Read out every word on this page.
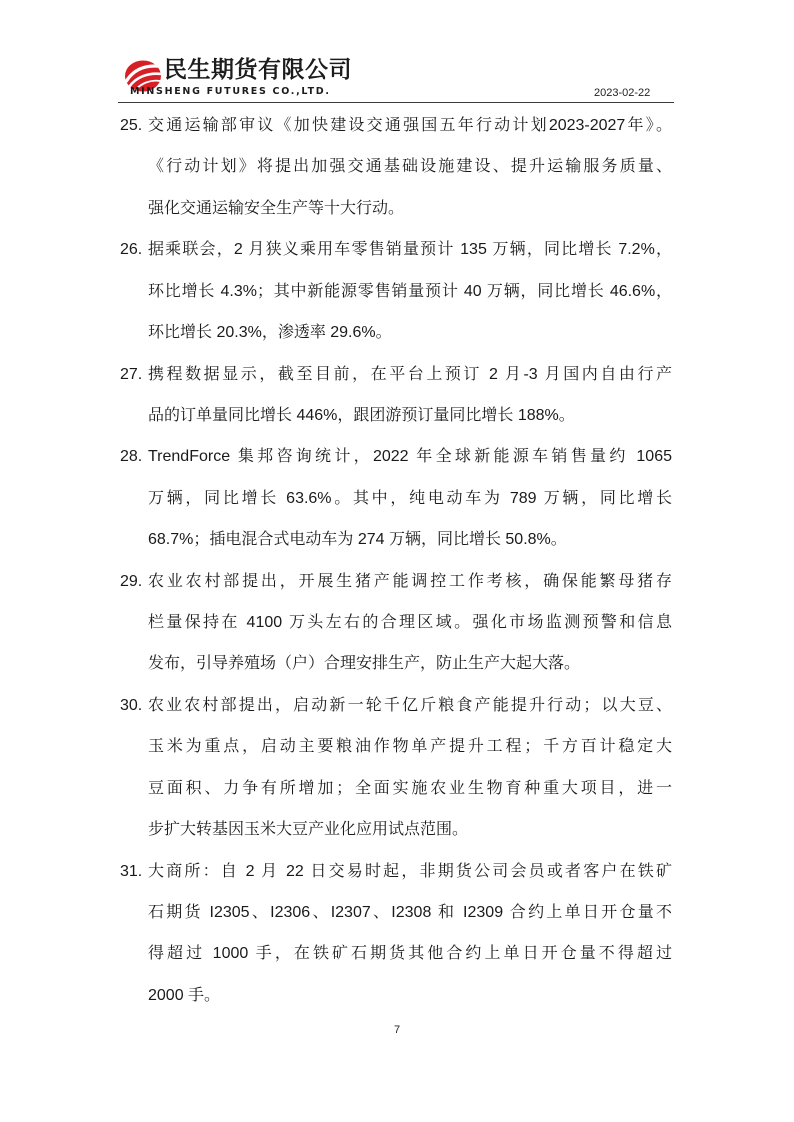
民生期货有限公司
MINSHENG FUTURES CO.,LTD.	2023-02-22
25. 交通运输部审议《加快建设交通强国五年行动计划2023-2027年》。
《行动计划》将提出加强交通基础设施建设、提升运输服务质量、
强化交通运输安全生产等十大行动。
26. 据乘联会，2 月狭义乘用车零售销量预计 135 万辆，同比增长 7.2%，
环比增长 4.3%；其中新能源零售销量预计 40 万辆，同比增长 46.6%，
环比增长 20.3%，渗透率 29.6%。
27. 携程数据显示，截至目前，在平台上预订 2 月-3 月国内自由行产
品的订单量同比增长 446%，跟团游预订量同比增长 188%。
28. TrendForce 集邦咨询统计，2022 年全球新能源车销售量约 1065
万辆，同比增长 63.6%。其中，纯电动车为 789 万辆，同比增长
68.7%；插电混合式电动车为 274 万辆，同比增长 50.8%。
29. 农业农村部提出，开展生猪产能调控工作考核，确保能繁母猪存
栏量保持在 4100 万头左右的合理区域。强化市场监测预警和信息
发布，引导养殖场（户）合理安排生产，防止生产大起大落。
30. 农业农村部提出，启动新一轮千亿斤粮食产能提升行动；以大豆、
玉米为重点，启动主要粮油作物单产提升工程；千方百计稳定大
豆面积、力争有所增加；全面实施农业生物育种重大项目，进一
步扩大转基因玉米大豆产业化应用试点范围。
31. 大商所：自 2 月 22 日交易时起，非期货公司会员或者客户在铁矿
石期货 I2305、I2306、I2307、I2308 和 I2309 合约上单日开仓量不
得超过 1000 手，在铁矿石期货其他合约上单日开仓量不得超过
2000 手。
7
